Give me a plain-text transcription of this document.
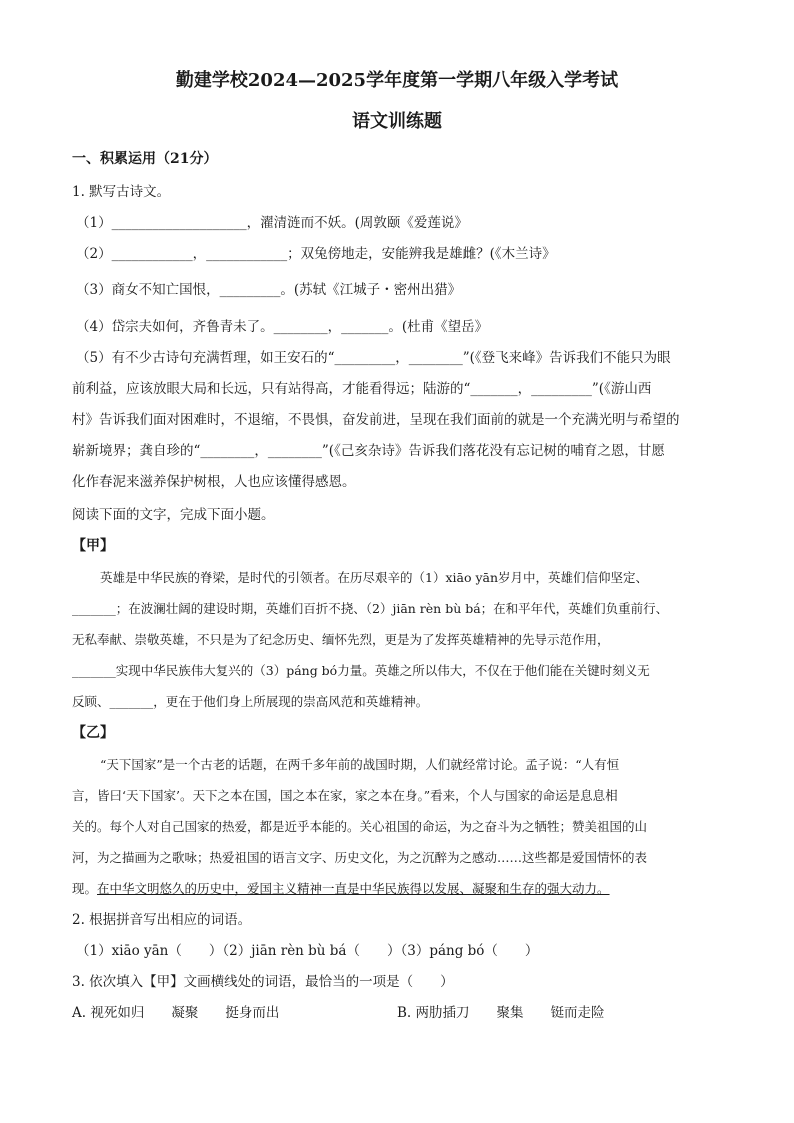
勤建学校2024—2025学年度第一学期八年级入学考试
语文训练题
一、积累运用（21分）
1. 默写古诗文。
（1）____________________，濯清涟而不妖。(周敦颐《爱莲说》
（2）____________，____________；双兔傍地走，安能辨我是雄雌？(《木兰诗》
（3）商女不知亡国恨，_________。(苏轼《江城子・密州出猎》
（4）岱宗夫如何，齐鲁青未了。________，_______。(杜甫《望岳》
（5）有不少古诗句充满哲理，如王安石的“_________，________”(《登飞来峰》告诉我们不能只为眼
前利益，应该放眼大局和长远，只有站得高，才能看得远；陆游的“_______，_________”(《游山西
村》告诉我们面对困难时，不退缩，不畏惧，奋发前进，呈现在我们面前的就是一个充满光明与希望的
崭新境界；龚自珍的“________，________”(《己亥杂诗》告诉我们落花没有忘记树的哺育之恩，甘愿
化作春泥来滋养保护树根，人也应该懂得感恩。
阅读下面的文字，完成下面小题。
【甲】
英雄是中华民族的脊梁，是时代的引领者。在历尽艰辛的（1）xiāo yān岁月中，英雄们信仰坚定、
_______；在波澜壮阔的建设时期，英雄们百折不挠、（2）jiān rèn bù bá；在和平年代，英雄们负重前行、
无私奉献、崇敬英雄，不只是为了纪念历史、缅怀先烈，更是为了发挥英雄精神的先导示范作用，
_______实现中华民族伟大复兴的（3）páng bó力量。英雄之所以伟大，不仅在于他们能在关键时刻义无
反顾、_______，更在于他们身上所展现的崇高风范和英雄精神。
【乙】
“天下国家”是一个古老的话题，在两千多年前的战国时期，人们就经常讨论。孟子说：“人有恒
言，皆曰‘天下国家’。天下之本在国，国之本在家，家之本在身。”看来，个人与国家的命运是息息相
关的。每个人对自己国家的热爱，都是近乎本能的。关心祖国的命运，为之奋斗为之牺牲；赞美祖国的山
河，为之描画为之歌咏；热爱祖国的语言文字、历史文化，为之沉醉为之感动……这些都是爱国情怀的表
现。在中华文明悠久的历史中，爱国主义精神一直是中华民族得以发展、凝聚和生存的强大动力。
2. 根据拼音写出相应的词语。
（1）xiāo yān（　　）（2）jiān rèn bù bá（　　）（3）páng bó（　　）
3. 依次填入【甲】文画横线处的词语，最恰当的一项是（　　）
A. 视死如归　　凝聚　　挺身而出	B. 两肋插刀　　聚集　　铤而走险
